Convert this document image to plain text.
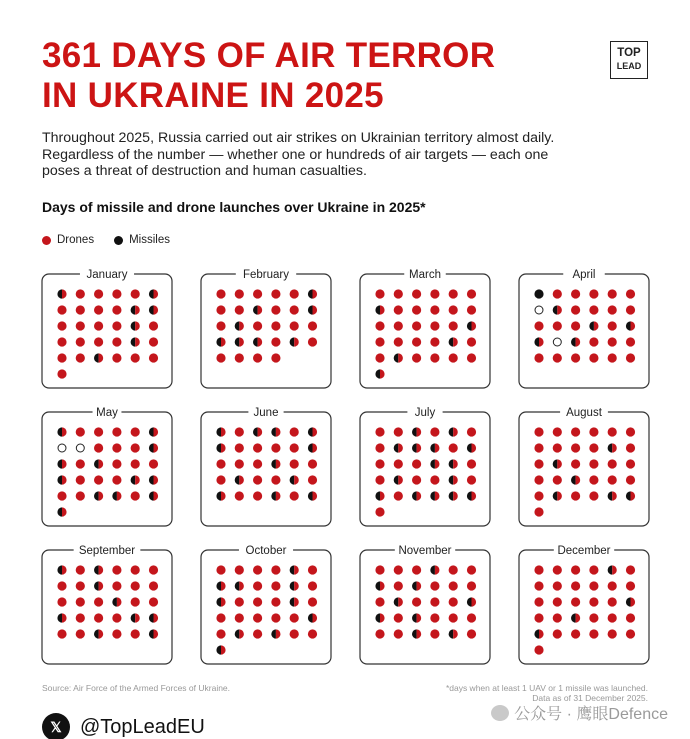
361 DAYS OF AIR TERROR
IN UKRAINE IN 2025
TOP
LEAD
Throughout 2025, Russia carried out air strikes on Ukrainian territory almost daily.
Regardless of the number — whether one or hundreds of air targets — each one
poses a threat of destruction and human casualties.
Days of missile and drone launches over Ukraine in 2025*
Drones	Missiles
January	February	March	April
May	June	July	August
September	October	November	December
Source: Air Force of the Armed Forces of Ukraine.	*days when at least 1 UAV or 1 missile was launched.
Data as of 31 December 2025.
𝕏 @TopLeadEU
公众号 · 鹰眼Defence
